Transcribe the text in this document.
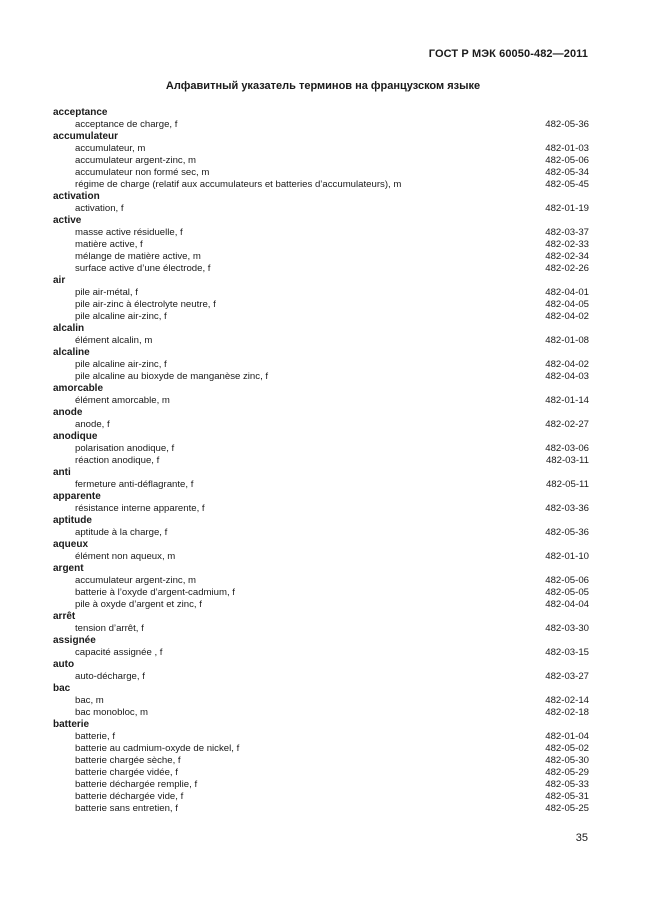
ГОСТ Р МЭК 60050-482—2011
Алфавитный указатель терминов на французском языке
acceptance
acceptance de charge, f	482-05-36
accumulateur
accumulateur, m	482-01-03
accumulateur argent-zinc, m	482-05-06
accumulateur non formé sec, m	482-05-34
régime de charge (relatif aux accumulateurs et batteries d’accumulateurs), m	482-05-45
activation
activation, f	482-01-19
active
masse active résiduelle, f	482-03-37
matière active, f	482-02-33
mélange de matière active, m	482-02-34
surface active d’une électrode, f	482-02-26
air
pile air-métal, f	482-04-01
pile air-zinc à électrolyte neutre, f	482-04-05
pile alcaline air-zinc, f	482-04-02
alcalin
élément alcalin, m	482-01-08
alcaline
pile alcaline air-zinc, f	482-04-02
pile alcaline au bioxyde de manganèse zinc, f	482-04-03
amorcable
élément amorcable, m	482-01-14
anode
anode, f	482-02-27
anodique
polarisation anodique, f	482-03-06
réaction anodique, f	482-03-11
anti
fermeture anti-déflagrante, f	482-05-11
apparente
résistance interne apparente, f	482-03-36
aptitude
aptitude à la charge, f	482-05-36
aqueux
élément non aqueux, m	482-01-10
argent
accumulateur argent-zinc, m	482-05-06
batterie à l’oxyde d’argent-cadmium, f	482-05-05
pile à oxyde d’argent et zinc, f	482-04-04
arrêt
tension d’arrêt, f	482-03-30
assignée
capacité assignée , f	482-03-15
auto
auto-décharge, f	482-03-27
bac
bac, m	482-02-14
bac monobloc, m	482-02-18
batterie
batterie, f	482-01-04
batterie au cadmium-oxyde de nickel, f	482-05-02
batterie chargée sèche, f	482-05-30
batterie chargée vidée, f	482-05-29
batterie déchargée remplie, f	482-05-33
batterie déchargée vide, f	482-05-31
batterie sans entretien, f	482-05-25
35
